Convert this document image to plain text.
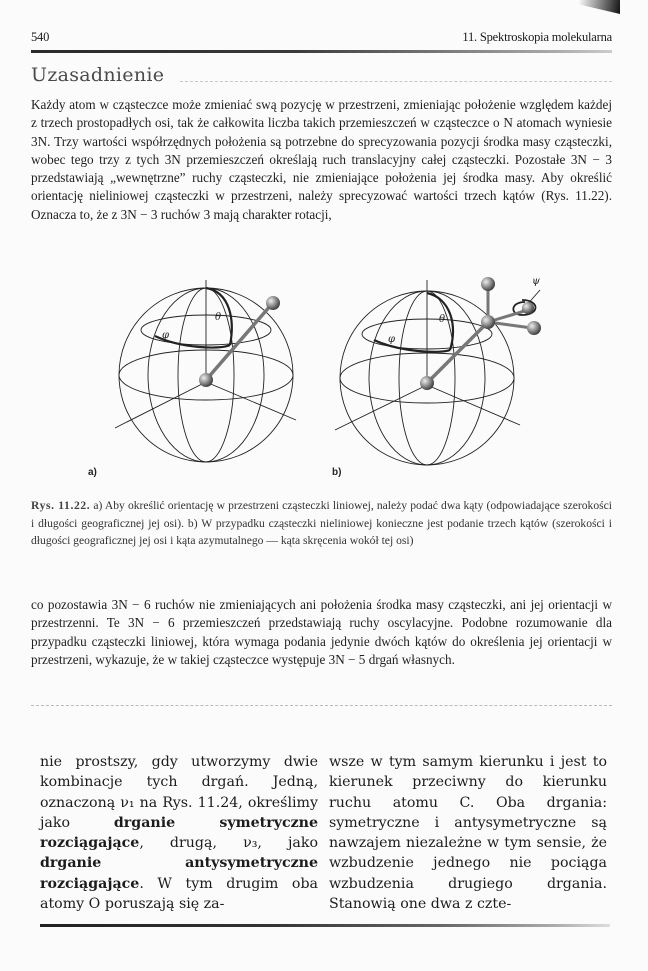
540	11. Spektroskopia molekularna
Uzasadnienie
Każdy atom w cząsteczce może zmieniać swą pozycję w przestrzeni, zmieniając położenie względem każdej z trzech prostopadłych osi, tak że całkowita liczba takich przemieszczeń w cząsteczce o N atomach wyniesie 3N. Trzy wartości współrzędnych położenia są potrzebne do sprecyzowania pozycji środka masy cząsteczki, wobec tego trzy z tych 3N przemieszczeń określają ruch translacyjny całej cząsteczki. Pozostałe 3N − 3 przedstawiają „wewnętrzne” ruchy cząsteczki, nie zmieniające położenia jej środka masy. Aby określić orientację nieliniowej cząsteczki w przestrzeni, należy sprecyzować wartości trzech kątów (Rys. 11.22). Oznacza to, że z 3N − 3 ruchów 3 mają charakter rotacji,
θ
φ
a)
θ
φ
ψ
b)
Rys. 11.22. a) Aby określić orientację w przestrzeni cząsteczki liniowej, należy podać dwa kąty (odpowiadające szerokości i długości geograficznej jej osi). b) W przypadku cząsteczki nieliniowej konieczne jest podanie trzech kątów (szerokości i długości geograficznej jej osi i kąta azymutalnego — kąta skręcenia wokół tej osi)
co pozostawia 3N − 6 ruchów nie zmieniających ani położenia środka masy cząsteczki, ani jej orientacji w przestrzenni. Te 3N − 6 przemieszczeń przedstawiają ruchy oscylacyjne. Podobne rozumowanie dla przypadku cząsteczki liniowej, która wymaga podania jedynie dwóch kątów do określenia jej orientacji w przestrzeni, wykazuje, że w takiej cząsteczce występuje 3N − 5 drgań własnych.
nie prostszy, gdy utworzymy dwie kombinacje tych drgań. Jedną, oznaczoną ν₁ na Rys. 11.24, określimy jako drganie symetryczne rozciągające, drugą, ν₃, jako drganie antysymetryczne rozciągające. W tym drugim oba atomy O poruszają się za-
wsze w tym samym kierunku i jest to kierunek przeciwny do kierunku ruchu atomu C. Oba drgania: symetryczne i antysymetryczne są nawzajem niezależne w tym sensie, że wzbudzenie jednego nie pociąga wzbudzenia drugiego drgania. Stanowią one dwa z czte-
